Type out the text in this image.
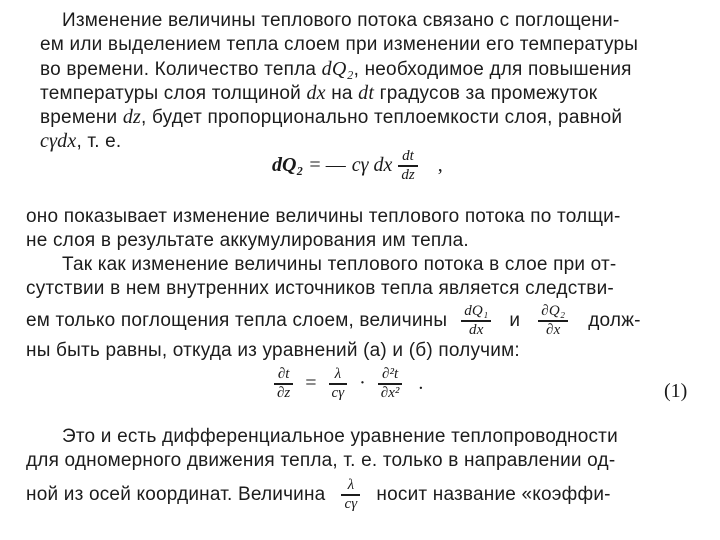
Изменение величины теплового потока связано с поглощени-
ем или выделением тепла слоем при изменении его температуры
во времени. Количество тепла dQ₂, необходимое для повышения
температуры слоя толщиной dx на dt градусов за промежуток
времени dz, будет пропорционально теплоемкости слоя, равной
cγdx, т. е.
dQ₂ = — cγ dx $\frac{dt}{dz}$ ,
оно показывает изменение величины теплового потока по толщи-
не слоя в результате аккумулирования им тепла.
Так как изменение величины теплового потока в слое при от-
сутствии в нем внутренних источников тепла является следстви-
ем только поглощения тепла слоем, величины $\frac{\text{dQ₁}}{dx}$ и $\frac{\text{∂Q₂}}{\partial x}$ долж-
ны быть равны, откуда из уравнений (а) и (б) получим:
$\frac{\partial t}{\partial z} = \frac{\lambda}{c\gamma} \cdot \frac{\text{∂²t}}{\text{∂x²}}$ .	(1)
Это и есть дифференциальное уравнение теплопроводности
для одномерного движения тепла, т. е. только в направлении од-
ной из осей координат. Величина $\frac{\lambda}{c\gamma}$ носит название «коэффи-
